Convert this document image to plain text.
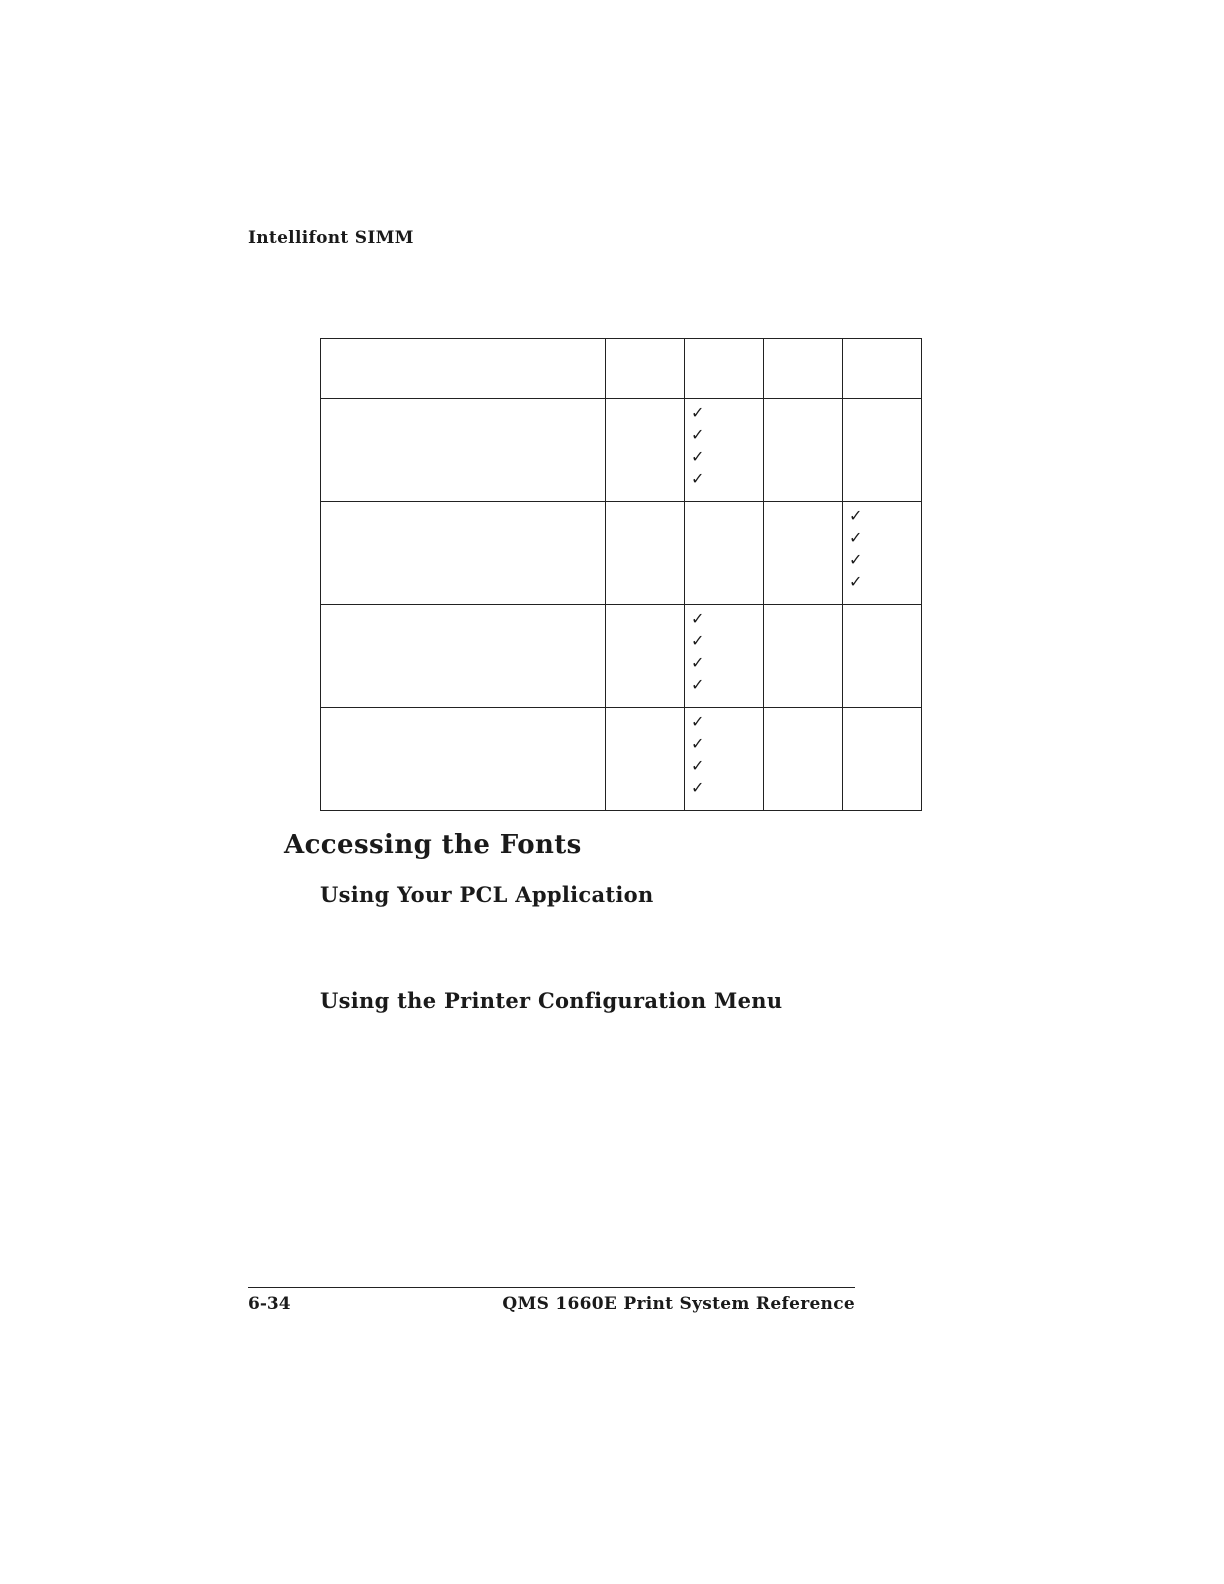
Intellifont SIMM

		✓
✓
✓
✓		

				✓
✓
✓
✓

		✓
✓
✓
✓		

		✓
✓
✓
✓		

Accessing the Fonts
Using Your PCL Application
Using the Printer Configuration Menu
6-34	QMS 1660E Print System Reference
